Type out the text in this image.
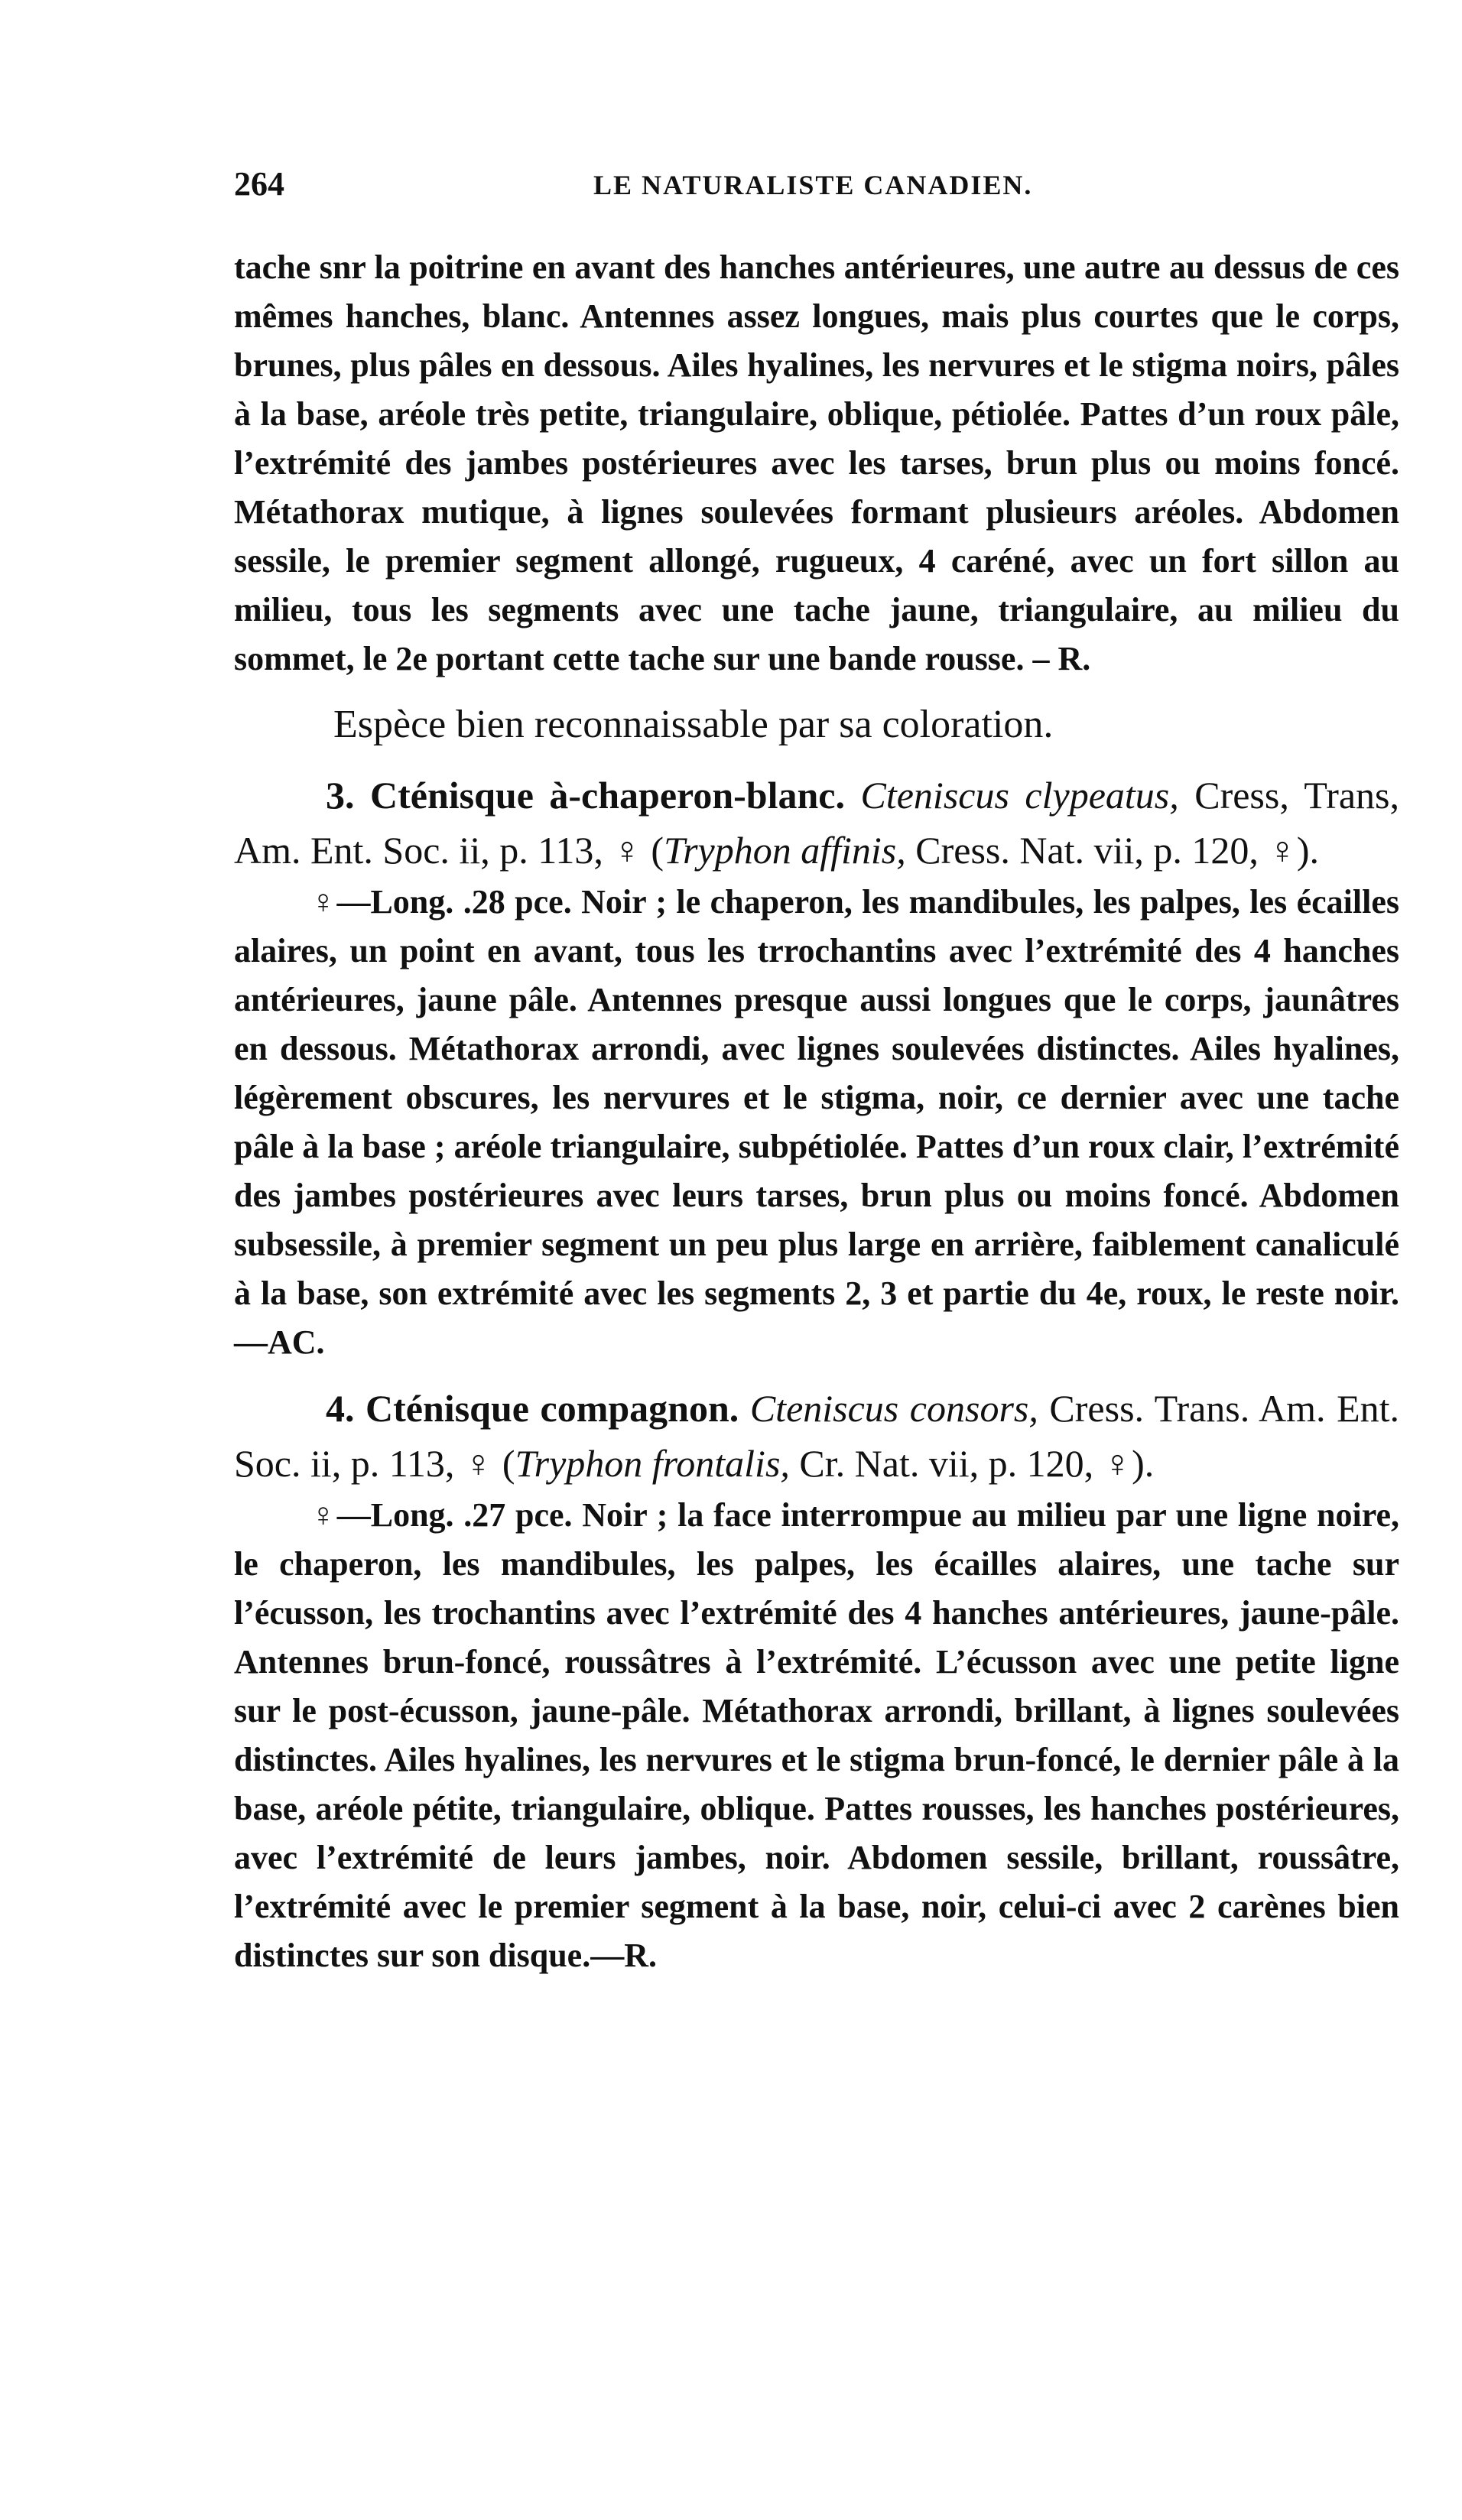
264	LE NATURALISTE CANADIEN.

tache snr la poitrine en avant des hanches antérieures, une autre au dessus de ces mêmes hanches, blanc. Antennes assez longues, mais plus courtes que le corps, brunes, plus pâles en dessous. Ailes hyalines, les nervures et le stigma noirs, pâles à la base, aréole très petite, triangulaire, oblique, pétiolée. Pattes d’un roux pâle, l’extrémité des jambes postérieures avec les tarses, brun plus ou moins foncé. Métathorax mutique, à lignes soulevées formant plusieurs aréoles. Abdomen sessile, le premier segment allongé, rugueux, 4 caréné, avec un fort sillon au milieu, tous les segments avec une tache jaune, triangulaire, au milieu du sommet, le 2e portant cette tache sur une bande rousse. – R.

Espèce bien reconnaissable par sa coloration.

3. Cténisque à-chaperon-blanc. Cteniscus clypeatus, Cress, Trans, Am. Ent. Soc. ii, p. 113, ♀ (Tryphon affinis, Cress. Nat. vii, p. 120, ♀).

♀—Long. .28 pce. Noir ; le chaperon, les mandibules, les palpes, les écailles alaires, un point en avant, tous les trrochantins avec l’extrémité des 4 hanches antérieures, jaune pâle. Antennes presque aussi longues que le corps, jaunâtres en dessous. Métathorax arrondi, avec lignes soulevées distinctes. Ailes hyalines, légèrement obscures, les nervures et le stigma, noir, ce dernier avec une tache pâle à la base ; aréole triangulaire, subpétiolée. Pattes d’un roux clair, l’extrémité des jambes postérieures avec leurs tarses, brun plus ou moins foncé. Abdomen subsessile, à premier segment un peu plus large en arrière, faiblement canaliculé à la base, son extrémité avec les segments 2, 3 et partie du 4e, roux, le reste noir.—AC.

4. Cténisque compagnon. Cteniscus consors, Cress. Trans. Am. Ent. Soc. ii, p. 113, ♀ (Tryphon frontalis, Cr. Nat. vii, p. 120, ♀).

♀—Long. .27 pce. Noir ; la face interrompue au milieu par une ligne noire, le chaperon, les mandibules, les palpes, les écailles alaires, une tache sur l’écusson, les trochantins avec l’extrémité des 4 hanches antérieures, jaune-pâle. Antennes brun-foncé, roussâtres à l’extrémité. L’écusson avec une petite ligne sur le post-écusson, jaune-pâle. Métathorax arrondi, brillant, à lignes soulevées distinctes. Ailes hyalines, les nervures et le stigma brun-foncé, le dernier pâle à la base, aréole pétite, triangulaire, oblique. Pattes rousses, les hanches postérieures, avec l’extrémité de leurs jambes, noir. Abdomen sessile, brillant, roussâtre, l’extrémité avec le premier segment à la base, noir, celui-ci avec 2 carènes bien distinctes sur son disque.—R.
